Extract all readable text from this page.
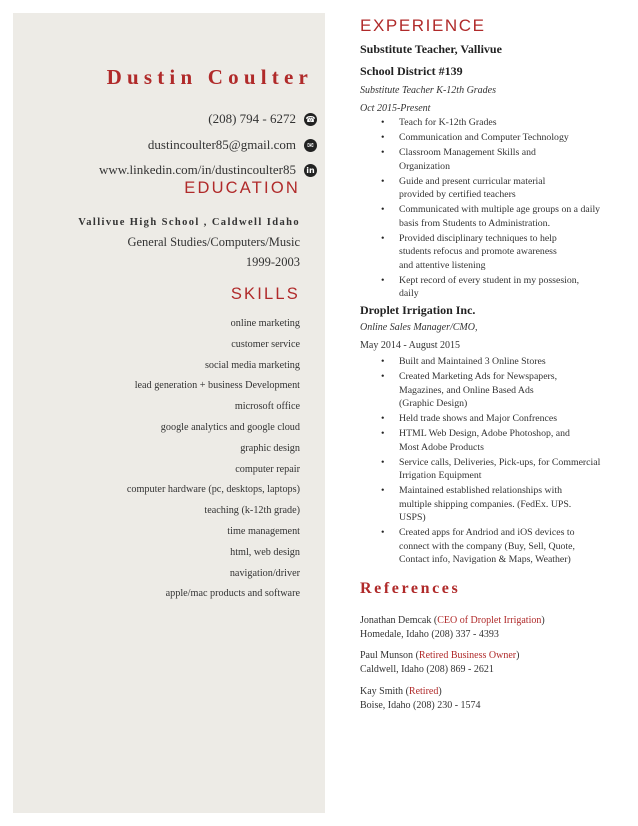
Dustin Coulter
(208) 794 - 6272 ☎
dustincoulter85@gmail.com	✉
www.linkedin.com/in/dustincoulter85 in
EDUCATION
Vallivue High School , Caldwell Idaho
General Studies/Computers/Music
1999-2003
SKILLS
online marketing
customer service
social media marketing
lead generation + business Development
microsoft office
google analytics and google cloud
graphic design
computer repair
computer hardware (pc, desktops, laptops)
teaching (k-12th grade)
time management
html, web design
navigation/driver
apple/mac products and software
EXPERIENCE
Substitute Teacher, Vallivue
School District #139
Substitute Teacher K-12th Grades
Oct 2015-Present
• Teach for K-12th Grades
• Communication and Computer Technology
• Classroom Management Skills and
Organization
• Guide and present curricular material
provided by certified teachers
• Communicated with multiple age groups on a daily
basis from Students to Administration.
• Provided disciplinary techniques to help
students refocus and promote awareness
and attentive listening
• Kept record of every student in my possesion,
daily
Droplet Irrigation Inc.
Online Sales Manager/CMO,
May 2014 - August 2015
• Built and Maintained 3 Online Stores
• Created Marketing Ads for Newspapers,
Magazines, and Online Based Ads
(Graphic Design)
• Held trade shows and Major Confrences
• HTML Web Design, Adobe Photoshop, and
Most Adobe Products
• Service calls, Deliveries, Pick-ups, for Commercial
Irrigation Equipment
• Maintained established relationships with
multiple shipping companies. (FedEx. UPS.
USPS)
• Created apps for Andriod and iOS devices to
connect with the company (Buy, Sell, Quote,
Contact info, Navigation & Maps, Weather)
References
Jonathan Demcak (CEO of Droplet Irrigation)
Homedale, Idaho (208) 337 - 4393
Paul Munson (Retired Business Owner)
Caldwell, Idaho (208) 869 - 2621
Kay Smith (Retired)
Boise, Idaho (208) 230 - 1574
